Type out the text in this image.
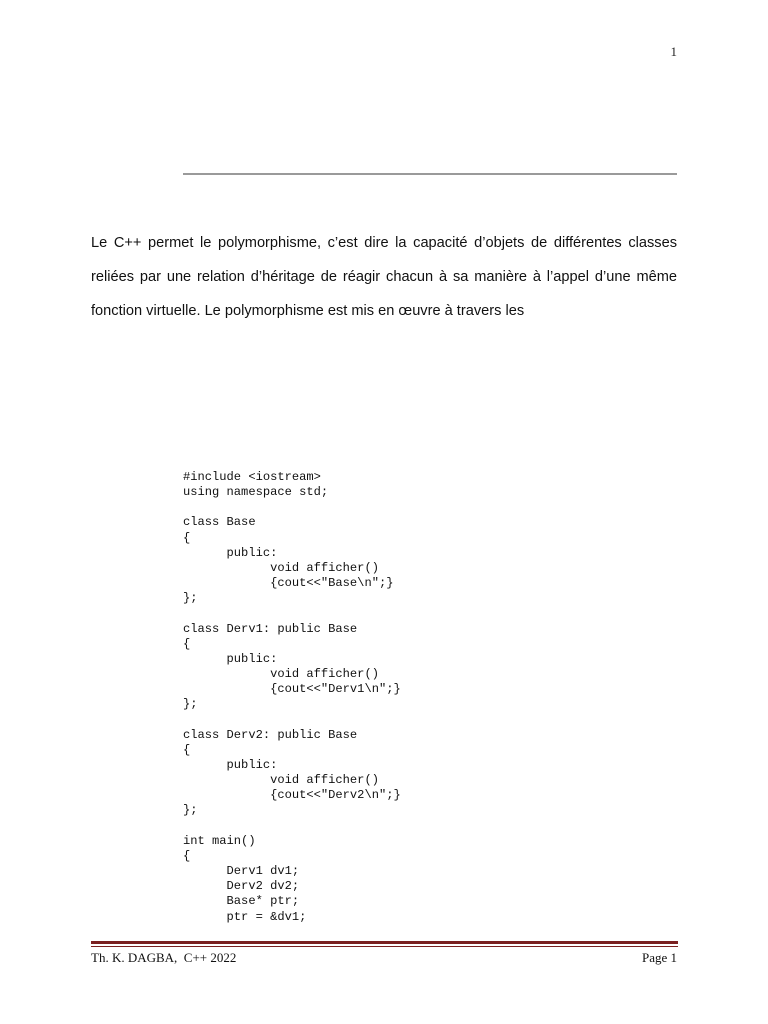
1

Le C++ permet le polymorphisme, c’est dire la capacité d’objets de différentes classes reliées par une relation d’héritage de réagir chacun à sa manière à l’appel d’une même fonction virtuelle. Le polymorphisme est mis en œuvre à travers les

#include <iostream>
using namespace std;

class Base
{
	public:
		void afficher()
		{cout<<"Base\n";}
};

class Derv1: public Base
{
	public:
		void afficher()
		{cout<<"Derv1\n";}
};

class Derv2: public Base
{
	public:
		void afficher()
		{cout<<"Derv2\n";}
};

int main()
{
	Derv1 dv1;
	Derv2 dv2;
	Base* ptr;
	ptr = &dv1;
Th. K. DAGBA,  C++ 2022	Page 1
